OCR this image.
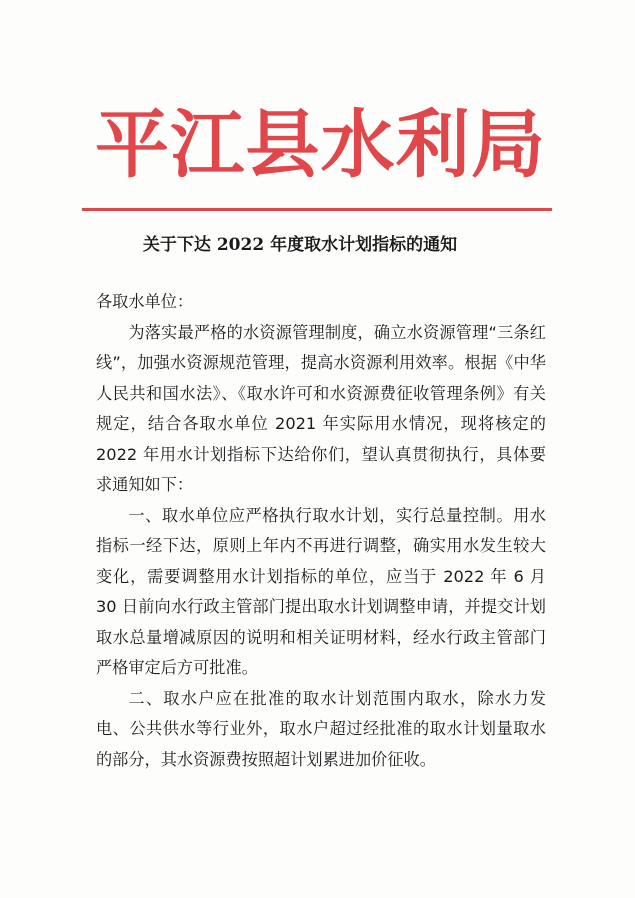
平 江 县 水 利 局
关于下达 2022 年度取水计划指标的通知

各取水单位：

为落实最严格的水资源管理制度，确立水资源管理“三条红线”，加强水资源规范管理，提高水资源利用效率。根据《中华人民共和国水法》、《取水许可和水资源费征收管理条例》有关规定，结合各取水单位 2021 年实际用水情况，现将核定的 2022 年用水计划指标下达给你们，望认真贯彻执行，具体要求通知如下：

一、取水单位应严格执行取水计划，实行总量控制。用水指标一经下达，原则上年内不再进行调整，确实用水发生较大变化，需要调整用水计划指标的单位，应当于 2022 年 6 月 30 日前向水行政主管部门提出取水计划调整申请，并提交计划取水总量增减原因的说明和相关证明材料，经水行政主管部门严格审定后方可批准。

二、取水户应在批准的取水计划范围内取水，除水力发电、公共供水等行业外，取水户超过经批准的取水计划量取水的部分，其水资源费按照超计划累进加价征收。
